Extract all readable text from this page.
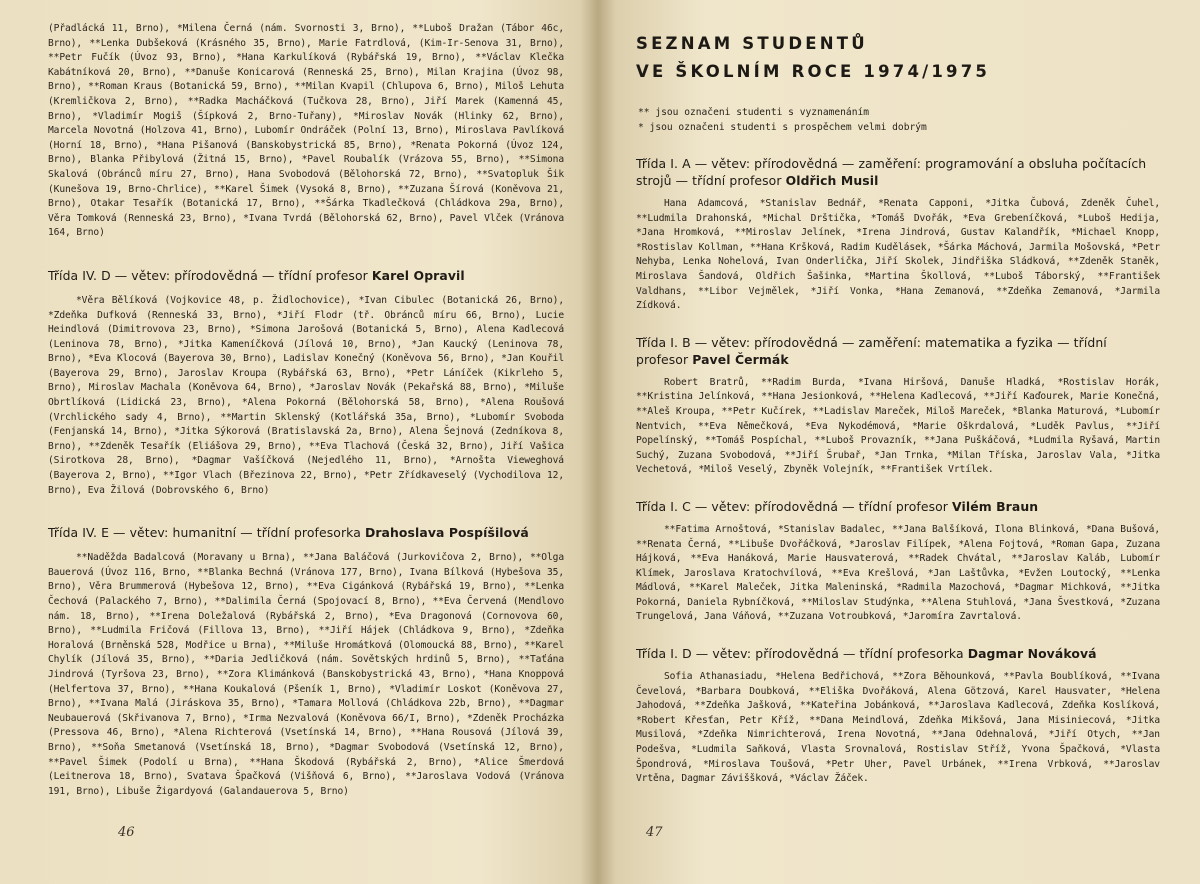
(Přadlácká 11, Brno), *Milena Černá (nám. Svornosti 3, Brno), **Luboš Dražan (Tábor 46c, Brno), **Lenka Dubšeková (Krásného 35, Brno), Marie Fatrdlová, (Kim-Ir-Senova 31, Brno), **Petr Fučík (Úvoz 93, Brno), *Hana Karkulíková (Rybářská 19, Brno), **Václav Klečka Kabátníková 20, Brno), **Danuše Konicarová (Renneská 25, Brno), Milan Krajina (Úvoz 98, Brno), **Roman Kraus (Botanická 59, Brno), **Milan Kvapil (Chlupova 6, Brno), Miloš Lehuta (Kremličkova 2, Brno), **Radka Macháčková (Tučkova 28, Brno), Jiří Marek (Kamenná 45, Brno), *Vladimír Mogiš (Šípková 2, Brno-Tuřany), *Miroslav Novák (Hlinky 62, Brno), Marcela Novotná (Holzova 41, Brno), Lubomír Ondráček (Polní 13, Brno), Miroslava Pavlíková (Horní 18, Brno), *Hana Pišanová (Banskobystrická 85, Brno), *Renata Pokorná (Úvoz 124, Brno), Blanka Přibylová (Žitná 15, Brno), *Pavel Roubalík (Vrázova 55, Brno), **Simona Skalová (Obránců míru 27, Brno), Hana Svobodová (Bělohorská 72, Brno), **Svatopluk Šik (Kunešova 19, Brno-Chrlice), **Karel Šimek (Vysoká 8, Brno), **Zuzana Šírová (Koněvova 21, Brno), Otakar Tesařík (Botanická 17, Brno), **Šárka Tkadlečková (Chládkova 29a, Brno), Věra Tomková (Renneská 23, Brno), *Ivana Tvrdá (Bělohorská 62, Brno), Pavel Vlček (Vránova 164, Brno)

Třída IV. D — větev: přírodovědná — třídní profesor Karel Opravil

*Věra Bělíková (Vojkovice 48, p. Židlochovice), *Ivan Cibulec (Botanická 26, Brno), *Zdeňka Dufková (Renneská 33, Brno), *Jiří Flodr (tř. Obránců míru 66, Brno), Lucie Heindlová (Dimitrovova 23, Brno), *Simona Jarošová (Botanická 5, Brno), Alena Kadlecová (Leninova 78, Brno), *Jitka Kameníčková (Jílová 10, Brno), *Jan Kaucký (Leninova 78, Brno), *Eva Klocová (Bayerova 30, Brno), Ladislav Konečný (Koněvova 56, Brno), *Jan Kouřil (Bayerova 29, Brno), Jaroslav Kroupa (Rybářská 63, Brno), *Petr Láníček (Kikrleho 5, Brno), Miroslav Machala (Koněvova 64, Brno), *Jaroslav Novák (Pekařská 88, Brno), *Miluše Obrtlíková (Lidická 23, Brno), *Alena Pokorná (Bělohorská 58, Brno), *Alena Roušová (Vrchlického sady 4, Brno), **Martin Sklenský (Kotlářská 35a, Brno), *Lubomír Svoboda (Fenjanská 14, Brno), *Jitka Sýkorová (Bratislavská 2a, Brno), Alena Šejnová (Zedníkova 8, Brno), **Zdeněk Tesařík (Eliášova 29, Brno), **Eva Tlachová (Česká 32, Brno), Jiří Vašica (Sirotkova 28, Brno), *Dagmar Vašíčková (Nejedlého 11, Brno), *Arnošta Vieweghová (Bayerova 2, Brno), **Igor Vlach (Březinova 22, Brno), *Petr Zřídkaveselý (Vychodilova 12, Brno), Eva Žilová (Dobrovského 6, Brno)

Třída IV. E — větev: humanitní — třídní profesorka Drahoslava Pospíšilová

**Naděžda Badalcová (Moravany u Brna), **Jana Baláčová (Jurkovičova 2, Brno), **Olga Bauerová (Úvoz 116, Brno, **Blanka Bechná (Vránova 177, Brno), Ivana Bílková (Hybešova 35, Brno), Věra Brummerová (Hybešova 12, Brno), **Eva Cigánková (Rybářská 19, Brno), **Lenka Čechová (Palackého 7, Brno), **Dalimila Černá (Spojovací 8, Brno), **Eva Červená (Mendlovo nám. 18, Brno), **Irena Doležalová (Rybářská 2, Brno), *Eva Dragonová (Cornovova 60, Brno), **Ludmila Fričová (Fillova 13, Brno), **Jiří Hájek (Chládkova 9, Brno), *Zdeňka Horalová (Brněnská 528, Modřice u Brna), **Miluše Hromátková (Olomoucká 88, Brno), **Karel Chylík (Jílová 35, Brno), **Daria Jedličková (nám. Sovětských hrdinů 5, Brno), **Taťána Jindrová (Tyršova 23, Brno), **Zora Klimánková (Banskobystrická 43, Brno), *Hana Knoppová (Helfertova 37, Brno), **Hana Koukalová (Pšeník 1, Brno), *Vladimír Loskot (Koněvova 27, Brno), **Ivana Malá (Jiráskova 35, Brno), *Tamara Mollová (Chládkova 22b, Brno), **Dagmar Neubauerová (Skřivanova 7, Brno), *Irma Nezvalová (Koněvova 66/I, Brno), *Zdeněk Procházka (Pressova 46, Brno), *Alena Richterová (Vsetínská 14, Brno), **Hana Rousová (Jílová 39, Brno), **Soňa Smetanová (Vsetínská 18, Brno), *Dagmar Svobodová (Vsetínská 12, Brno), **Pavel Šimek (Podolí u Brna), **Hana Škodová (Rybářská 2, Brno), *Alice Šmerdová (Leitnerova 18, Brno), Svatava Špačková (Višňová 6, Brno), **Jaroslava Vodová (Vránova 191, Brno), Libuše Žigardyová (Galandauerova 5, Brno)

46
SEZNAM STUDENTŮ
VE ŠKOLNÍM ROCE 1974/1975

** jsou označeni studenti s vyznamenáním
* jsou označeni studenti s prospěchem velmi dobrým

Třída I. A — větev: přírodovědná — zaměření: programování a obsluha počítacích strojů — třídní profesor Oldřich Musil

Hana Adamcová, *Stanislav Bednář, *Renata Capponi, *Jitka Čubová, Zdeněk Čuhel, **Ludmila Drahonská, *Michal Drštička, *Tomáš Dvořák, *Eva Grebeníčková, *Luboš Hedija, *Jana Hromková, **Miroslav Jelínek, *Irena Jindrová, Gustav Kalandřík, *Michael Knopp, *Rostislav Kollman, **Hana Kršková, Radim Kudělásek, *Šárka Máchová, Jarmila Mošovská, *Petr Nehyba, Lenka Nohelová, Ivan Onderlička, Jiří Skolek, Jindřiška Sládková, **Zdeněk Staněk, Miroslava Šandová, Oldřich Šašinka, *Martina Škollová, **Luboš Táborský, **František Valdhans, **Libor Vejmělek, *Jiří Vonka, *Hana Zemanová, **Zdeňka Zemanová, *Jarmila Zídková.

Třída I. B — větev: přírodovědná — zaměření: matematika a fyzika — třídní profesor Pavel Čermák

Robert Bratrů, **Radim Burda, *Ivana Hiršová, Danuše Hladká, *Rostislav Horák, **Kristina Jelínková, **Hana Jesionková, **Helena Kadlecová, **Jiří Kaďourek, Marie Konečná, **Aleš Kroupa, **Petr Kučírek, **Ladislav Mareček, Miloš Mareček, *Blanka Maturová, *Lubomír Nentvich, **Eva Němečková, *Eva Nykodémová, *Marie Oškrdalová, *Luděk Pavlus, **Jiří Popelínský, **Tomáš Pospíchal, **Luboš Provazník, **Jana Puškáčová, *Ludmila Ryšavá, Martin Suchý, Zuzana Svobodová, **Jiří Šrubař, *Jan Trnka, *Milan Tříska, Jaroslav Vala, *Jitka Vechetová, *Miloš Veselý, Zbyněk Volejník, **František Vrtílek.

Třída I. C — větev: přírodovědná — třídní profesor Vilém Braun

**Fatima Arnoštová, *Stanislav Badalec, **Jana Balšíková, Ilona Blinková, *Dana Bušová, **Renata Černá, **Libuše Dvořáčková, *Jaroslav Filípek, *Alena Fojtová, *Roman Gapa, Zuzana Hájková, **Eva Hanáková, Marie Hausvaterová, **Radek Chvátal, **Jaroslav Kaláb, Lubomír Klímek, Jaroslava Kratochvílová, **Eva Krešlová, *Jan Laštůvka, *Evžen Loutocký, **Lenka Mádlová, **Karel Maleček, Jitka Maleninská, *Radmila Mazochová, *Dagmar Michková, **Jitka Pokorná, Daniela Rybníčková, **Miloslav Studýnka, **Alena Stuhlová, *Jana Švestková, *Zuzana Trungelová, Jana Váňová, **Zuzana Votroubková, *Jaromíra Zavrtalová.

Třída I. D — větev: přírodovědná — třídní profesorka Dagmar Nováková

Sofia Athanasiadu, *Helena Bedřichová, **Zora Běhounková, **Pavla Boublíková, **Ivana Čevelová, *Barbara Doubková, **Eliška Dvořáková, Alena Götzová, Karel Hausvater, *Helena Jahodová, **Zdeňka Jašková, **Kateřina Jobánková, **Jaroslava Kadlecová, Zdeňka Koslíková, *Robert Křesťan, Petr Kříž, **Dana Meindlová, Zdeňka Mikšová, Jana Misiniecová, *Jitka Musilová, *Zdeňka Nimrichterová, Irena Novotná, **Jana Odehnalová, *Jiří Otych, **Jan Podešva, *Ludmila Saňková, Vlasta Srovnalová, Rostislav Stříž, Yvona Špačková, *Vlasta Špondrová, *Miroslava Toušová, *Petr Uher, Pavel Urbánek, **Irena Vrbková, **Jaroslav Vrtěna, Dagmar Záviššková, *Václav Žáček.

47
